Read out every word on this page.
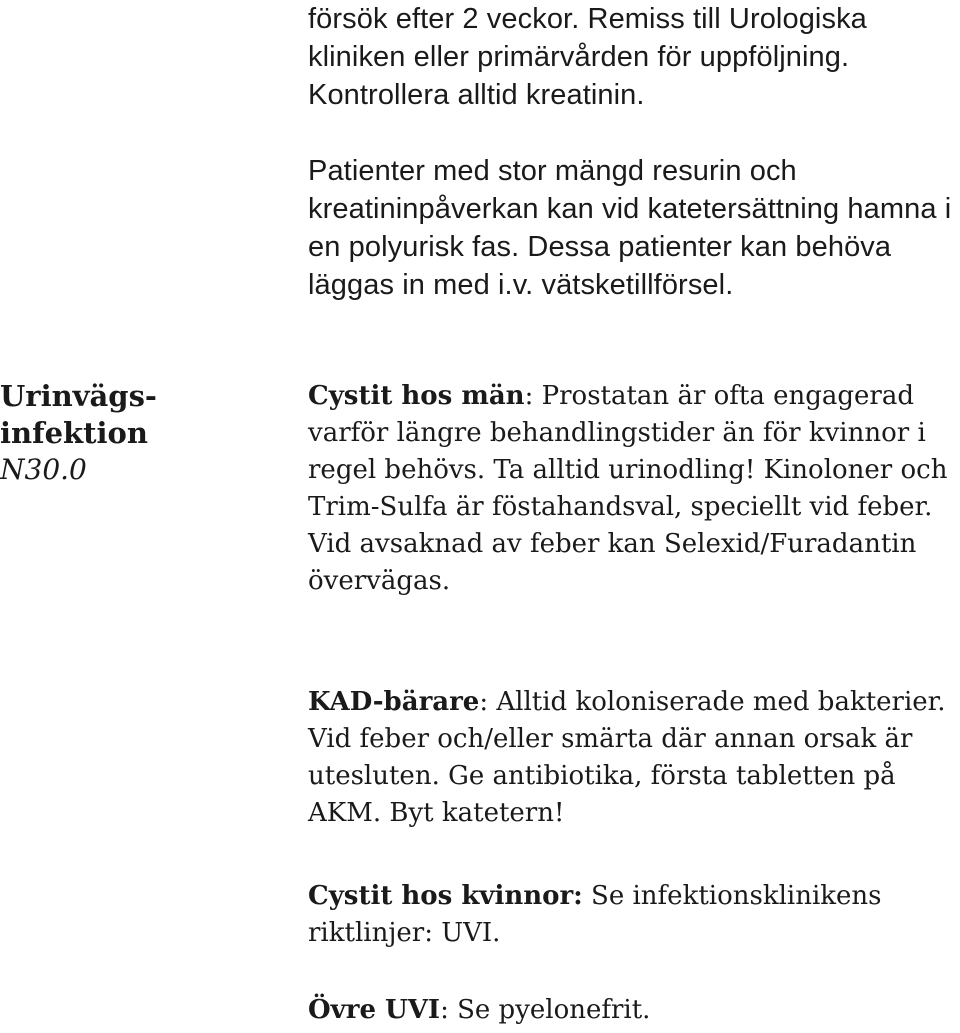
Urinvägs-

infektion

N30.0

försök efter 2 veckor. Remiss till Urologiska kliniken eller primärvården för uppföljning. Kontrollera alltid kreatinin.

Patienter med stor mängd resurin och kreatininpåverkan kan vid katetersättning hamna i en polyurisk fas. Dessa patienter kan behöva läggas in med i.v. vätsketillförsel.

Cystit hos män: Prostatan är ofta engagerad varför längre behandlingstider än för kvinnor i regel behövs. Ta alltid urinodling! Kinoloner och Trim-Sulfa är föstahandsval, speciellt vid feber. Vid avsaknad av feber kan Selexid/Furadantin övervägas.

KAD-bärare: Alltid koloniserade med bakterier. Vid feber och/eller smärta där annan orsak är utesluten. Ge antibiotika, första tabletten på AKM. Byt katetern!

Cystit hos kvinnor: Se infektionsklinikens riktlinjer: UVI.

Övre UVI: Se pyelonefrit.
